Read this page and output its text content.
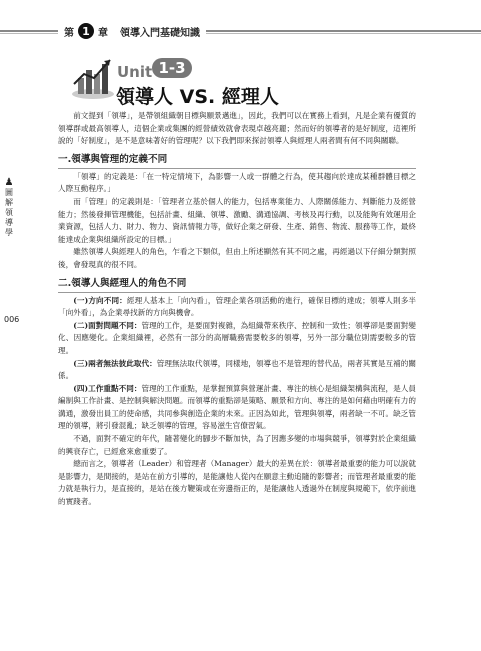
第 1 章 領導入門基礎知識
Unit 1-3
領導人 VS. 經理人
♟
圖
解
領
導
學
006

前文提到「領導」，是帶領組織朝目標與願景邁進」，因此，我們可以在實務上看到，凡是企業有優質的領導群或最高領導人，這個企業或集團的經營績效就會表現卓越亮麗；然而好的領導者的是好制度，這裡所說的「好制度」，是不是意味著好的管理呢？以下我們即來探討領導人與經理人兩者間有何不同與關聯。

一.領導與管理的定義不同

「領導」的定義是：「在一特定情境下，為影響一人或一群體之行為，使其趨向於達成某種群體目標之人際互動程序。」

而「管理」的定義則是：「管理者立基於個人的能力，包括專業能力、人際關係能力、判斷能力及經營能力；然後發揮管理機能，包括計畫、組織、領導、激勵、溝通協調、考核及再行動，以及能夠有效運用企業資源，包括人力、財力、物力、資訊情報力等，做好企業之研發、生產、銷售、物流、服務等工作，最終能達成企業與組織所設定的目標。」

雖然領導人與經理人的角色，乍看之下類似，但由上所述顯然有其不同之處，再經過以下仔細分類對照後，會發現真的很不同。

二.領導人與經理人的角色不同

(一)方向不同：經理人基本上「向內看」，管理企業各項活動的進行，確保目標的達成；領導人則多半「向外看」，為企業尋找新的方向與機會。

(二)面對問題不同：管理的工作，是要面對複雜，為組織帶來秩序、控制和一致性；領導卻是要面對變化、因應變化。企業組織裡，必然有一部分的高層職務需要較多的領導，另外一部分職位則需要較多的管理。

(三)兩者無法彼此取代：管理無法取代領導，同樣地，領導也不是管理的替代品，兩者其實是互補的關係。

(四)工作重點不同：管理的工作重點，是掌握預算與營運計畫、專注的核心是組織架構與流程，是人員編制與工作計畫、是控制與解決問題。而領導的重點卻是策略、願景和方向、專注的是如何藉由明確有力的溝通，激發出員工的使命感，共同參與創造企業的未來。正因為如此，管理與領導，兩者缺一不可。缺乏管理的領導，將引發混亂；缺乏領導的管理，容易滋生官僚習氣。

不過，面對不確定的年代，隨著變化的腳步不斷加快，為了因應多變的市場與競爭，領導對於企業組織的興衰存亡，已經愈來愈重要了。

總而言之，領導者（Leader）和管理者（Manager）最大的差異在於：領導者最重要的能力可以說就是影響力，是間接的，是站在前方引導的，是能讓他人從內在願意主動追隨的影響者；而管理者最重要的能力就是執行力，是直接的，是站在後方鞭策或在旁邊指正的，是能讓他人透過外在制度與規範下，依序前進的實踐者。
